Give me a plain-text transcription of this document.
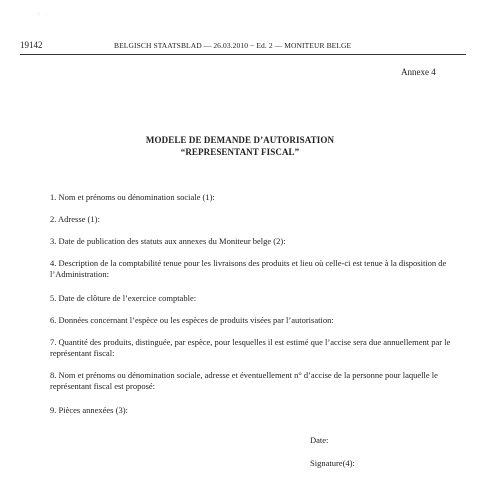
/    ·
19142	BELGISCH STAATSBLAD — 26.03.2010 − Ed. 2 — MONITEUR BELGE
Annexe 4
MODELE DE DEMANDE D’AUTORISATION
“REPRESENTANT FISCAL”
1. Nom et prénoms ou dénomination sociale (1):
2. Adresse (1):
3. Date de publication des statuts aux annexes du Moniteur belge (2):
4. Description de la comptabilité tenue pour les livraisons des produits et lieu où celle-ci est tenue à la disposition de l’Administration:
5. Date de clôture de l’exercice comptable:
6. Données concernant l’espèce ou les espèces de produits visées par l’autorisation:
7. Quantité des produits, distinguée, par espèce, pour lesquelles il est estimé que l’accise sera due annuellement par le représentant fiscal:
8. Nom et prénoms ou dénomination sociale, adresse et éventuellement n° d’accise de la personne pour laquelle le représentant fiscal est proposé:
9. Pièces annexées (3):
Date:
Signature(4):
